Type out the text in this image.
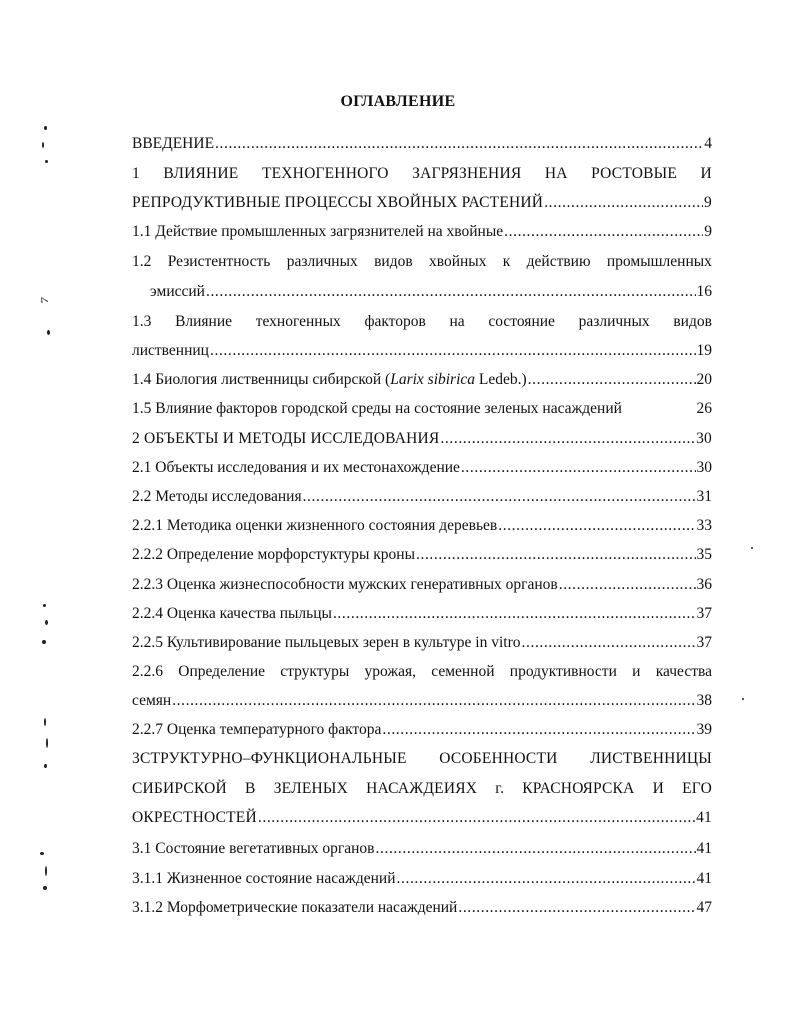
ОГЛАВЛЕНИЕ
ВВЕДЕНИЕ .....	4
1 ВЛИЯНИЕ ТЕХНОГЕННОГО ЗАГРЯЗНЕНИЯ НА РОСТОВЫЕ И
РЕПРОДУКТИВНЫЕ ПРОЦЕССЫ ХВОЙНЫХ РАСТЕНИЙ .....	9
1.1 Действие промышленных загрязнителей на хвойные .....	9
1.2 Резистентность различных видов хвойных к действию промышленных
эмиссий .....	16
1.3 Влияние техногенных факторов на состояние различных видов
лиственниц .....	19
1.4 Биология лиственницы сибирской (Larix sibirica Ledeb.) .....	20
1.5 Влияние факторов городской среды на состояние зеленых насаждений	26
2 ОБЪЕКТЫ И МЕТОДЫ ИССЛЕДОВАНИЯ .....	30
2.1 Объекты исследования и их местонахождение .....	30
2.2 Методы исследования .....	31
2.2.1 Методика оценки жизненного состояния деревьев .....	33
2.2.2 Определение морфорстуктуры кроны .....	35
2.2.3 Оценка жизнеспособности мужских генеративных органов .....	36
2.2.4 Оценка качества пыльцы .....	37
2.2.5 Культивирование пыльцевых зерен в культуре in vitro .....	37
2.2.6 Определение структуры урожая, семенной продуктивности и качества
семян .....	38
2.2.7 Оценка температурного фактора .....	39
3СТРУКТУРНО–ФУНКЦИОНАЛЬНЫЕ ОСОБЕННОСТИ ЛИСТВЕННИЦЫ
СИБИРСКОЙ В ЗЕЛЕНЫХ НАСАЖДЕИЯХ г. КРАСНОЯРСКА И ЕГО
ОКРЕСТНОСТЕЙ .....	41
3.1 Состояние вегетативных органов .....	41
3.1.1 Жизненное состояние насаждений .....	41
3.1.2 Морфометрические показатели насаждений .....	47
ﾍ
